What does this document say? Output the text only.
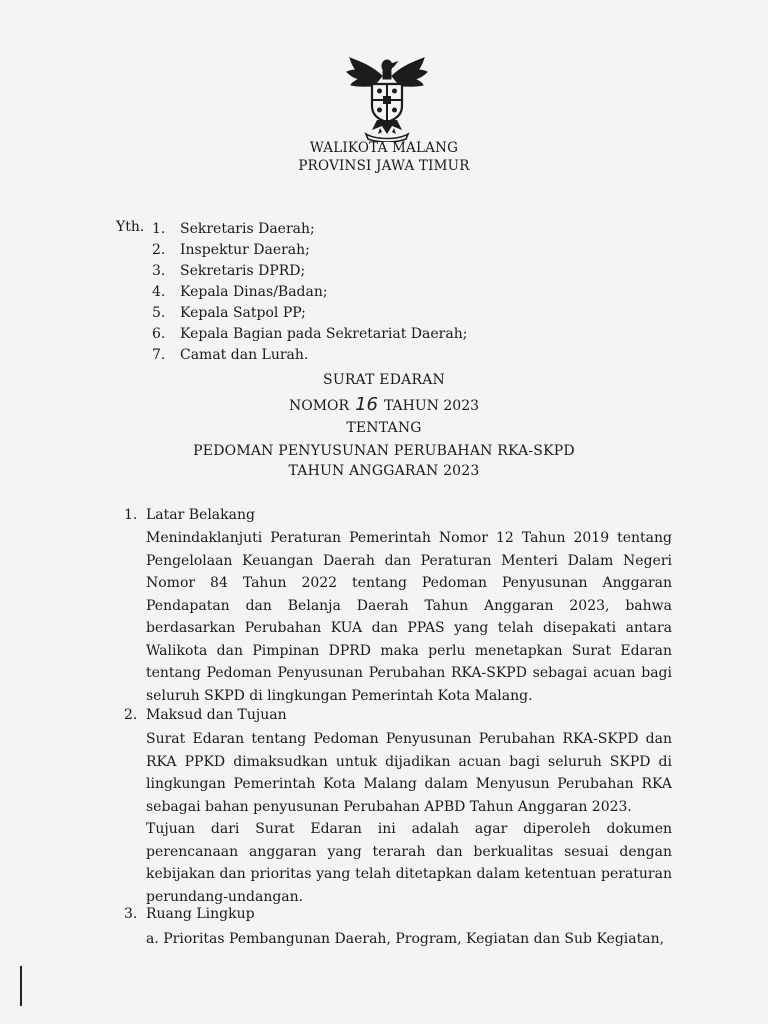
WALIKOTA MALANG
PROVINSI JAWA TIMUR
Yth. 1. Sekretaris Daerah;
2. Inspektur Daerah;
3. Sekretaris DPRD;
4. Kepala Dinas/Badan;
5. Kepala Satpol PP;
6. Kepala Bagian pada Sekretariat Daerah;
7. Camat dan Lurah.
SURAT EDARAN
NOMOR 16 TAHUN 2023
TENTANG
PEDOMAN PENYUSUNAN PERUBAHAN RKA-SKPD
TAHUN ANGGARAN 2023
1. Latar Belakang

Menindaklanjuti Peraturan Pemerintah Nomor 12 Tahun 2019 tentang Pengelolaan Keuangan Daerah dan Peraturan Menteri Dalam Negeri Nomor 84 Tahun 2022 tentang Pedoman Penyusunan Anggaran Pendapatan dan Belanja Daerah Tahun Anggaran 2023, bahwa berdasarkan Perubahan KUA dan PPAS yang telah disepakati antara Walikota dan Pimpinan DPRD maka perlu menetapkan Surat Edaran tentang Pedoman Penyusunan Perubahan RKA-SKPD sebagai acuan bagi seluruh SKPD di lingkungan Pemerintah Kota Malang.

2. Maksud dan Tujuan

Surat Edaran tentang Pedoman Penyusunan Perubahan RKA-SKPD dan RKA PPKD dimaksudkan untuk dijadikan acuan bagi seluruh SKPD di lingkungan Pemerintah Kota Malang dalam Menyusun Perubahan RKA sebagai bahan penyusunan Perubahan APBD Tahun Anggaran 2023.

Tujuan dari Surat Edaran ini adalah agar diperoleh dokumen perencanaan anggaran yang terarah dan berkualitas sesuai dengan kebijakan dan prioritas yang telah ditetapkan dalam ketentuan peraturan perundang-undangan.

3. Ruang Lingkup
a. Prioritas Pembangunan Daerah, Program, Kegiatan dan Sub Kegiatan,
